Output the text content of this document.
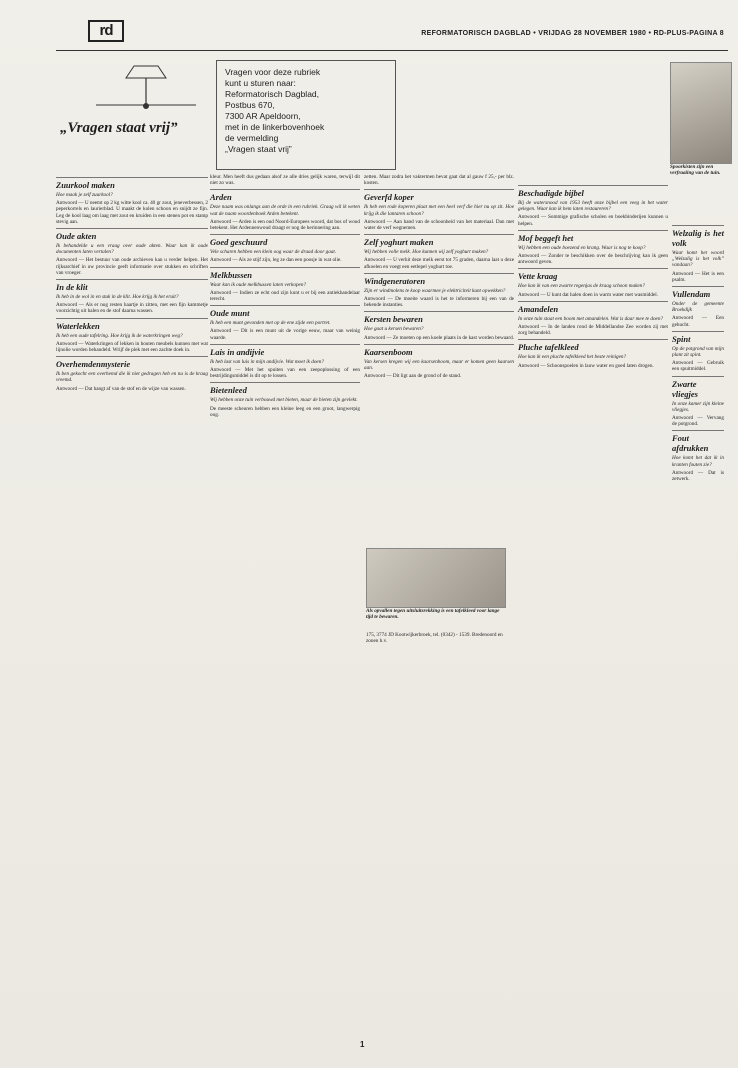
rd	REFORMATORISCH DAGBLAD • VRIJDAG 28 NOVEMBER 1980 • RD-PLUS-PAGINA 8
„Vragen staat vrij”
Vragen voor deze rubriek
kunt u sturen naar:
Reformatorisch Dagblad,
Postbus 670,
7300 AR Apeldoorn,
met in de linkerbovenhoek
de vermelding
„Vragen staat vrij”
Zuurkool maken

Hoe maak je zelf zuurkool?

Antwoord — U neemt op 2 kg witte kool ca. 40 gr zout, jeneverbessen, 2 peperkorrels en laurierblad. U maakt de kolen schoon en snijdt ze fijn. Leg de kool laag om laag met zout en kruiden in een stenen pot en stamp stevig aan.

Oude akten

Ik behandelde u een vraag over oude akten. Waar kan ik oude documenten laten vertalen?

Antwoord — Het bestuur van oude archieven kan u verder helpen. Het rijksarchief in uw provincie geeft informatie over stukken en schriften van vroeger.

In de klit

Ik heb in de wol in en stuk in de klit. Hoe krijg ik het eruit?

Antwoord — Als er nog resten haartje in zitten, met een fijn kammetje voorzichtig uit halen en de stof daarna wassen.

Waterlekken

Ik heb een oude tafelring. Hoe krijg ik de waterkringen weg?

Antwoord — Waterkringen of lekken in houten meubels kunnen met wat lijnolie worden behandeld. Wrijf de plek met een zachte doek in.

Overhemdenmysterie

Ik ben gekocht een overhemd die ik niet gedragen heb en nu is de kraag vreemd.

Antwoord — Dat hangt af van de stof en de wijze van wassen.

kleur. Men heeft dus gedaan alsof ze alle dries gelijk waren, terwijl dit niet zo was.

Arden

Deze naam was onlangs aan de orde in een rubriek. Graag wil ik weten wat de naam woordenboek Arden betekent.

Antwoord — Arden is een oud Noord-Europees woord, dat bos of woud betekent. Het Ardennenwoud draagt er nog de herinnering aan.

Goed geschuurd

Vele scharen hebben een klein oog waar de draad door gaat.

Antwoord — Als ze stijf zijn, leg ze dan een poosje in wat olie.

Melkbussen

Waar kan ik oude melkbussen laten verkopen?

Antwoord — Indien ze echt oud zijn kunt u er bij een antiekhandelaar terecht.

Oude munt

Ik heb een munt gevonden met op de ene zijde een portret.

Antwoord — Dit is een munt uit de vorige eeuw, maar van weinig waarde.

Lais in andijvie

Ik heb last van luis in mijn andijvie. Wat moet ik doen?

Antwoord — Met het spuiten van een zeepoplossing of een bestrijdingsmiddel is dit op te lossen.

Bietenleed

Wij hebben onze tuin verbouwd met bieten, maar de bieten zijn gevlekt.

De meeste scheuren hebben een kleine leeg en een groot, langwerpig oog.

zetten. Maar zodra het vaktermen bevat gaat dat al gauw f 25,- per blz. kosten.

Geverfd koper

Ik heb een rode koperen plaat met een heel verf die hier nu op zit. Hoe krijg ik die lantaren schoon?

Antwoord — Aan hand van de schoonheid van het materiaal. Dan met water de verf wegnemen.

Zelf yoghurt maken

Wij hebben volle melk. Hoe kunnen wij zelf yoghurt maken?

Antwoord — U verhit deze melk eerst tot 75 graden, daarna laat u deze afkoelen en voegt een eetlepel yoghurt toe.

Windgeneratoren

Zijn er windmolens te koop waarmee je elektriciteit kunt opwekken?

Antwoord — De moeite waard is het te informeren bij een van de bekende instanties.

Kersten bewaren

Hoe gaat u kersen bewaren?

Antwoord — Ze moeten op een koele plaats in de kast worden bewaard.

Kaarsenboom

Van kersen kregen wij een kaarsenboom, maar er komen geen kaarsen aan.

Antwoord — Dit ligt aan de grond of de stand.

Beschadigde bijbel

Bij de watersnood van 1953 heeft onze bijbel een veeg in het water gelegen. Waar kan ik hem laten restaureren?

Antwoord — Sommige grafische scholen en boekbinderijen kunnen u helpen.

Mof beggeft het

Wij hebben een oude boezend en krang. Waar is nog te koop?

Antwoord — Zonder te beschikken over de beschrijving kan ik geen antwoord geven.

Vette kraag

Hoe kan ik van een zwarte regenjas de kraag schoon maken?

Antwoord — U kunt dat halen doen in warm water met wasmiddel.

Amandelen

In onze tuin staat een boom met amandelen. Wat is daar mee te doen?

Antwoord — In de landen rond de Middellandse Zee worden zij met zorg behandeld.

Pluche tafelkleed

Hoe kan ik een pluche tafelkleed het beste reinigen?

Antwoord — Schoonspoelen in lauw water en goed laten drogen.

Welzalig is het volk

Waar komt het woord „Welzalig is het volk” vandaan?

Antwoord — Het is een psalm.

Vullendam

Onder de gemeente Broekdijk

Antwoord — Een gehucht.

Spint

Op de potgrond van mijn plant zit spint.

Antwoord — Gebruik een spuitmiddel.

Zwarte vliegjes

In onze kamer zijn kleine vliegjes.

Antwoord — Vervang de potgrond.

Fout afdrukken

Hoe komt het dat ik in kranten fouten zie?

Antwoord — Dat is zetwerk.

Als opvallen tegen uitsluitsrekking is een tafelkleed voor lange tijd te bewaren.
175, 3774 JD Kootwijkerbroek, tel. (0342) - 1539. Bredenoord en zonen b.v.
Spoorkisten zijn een verfraaiing van de tuin.
1
